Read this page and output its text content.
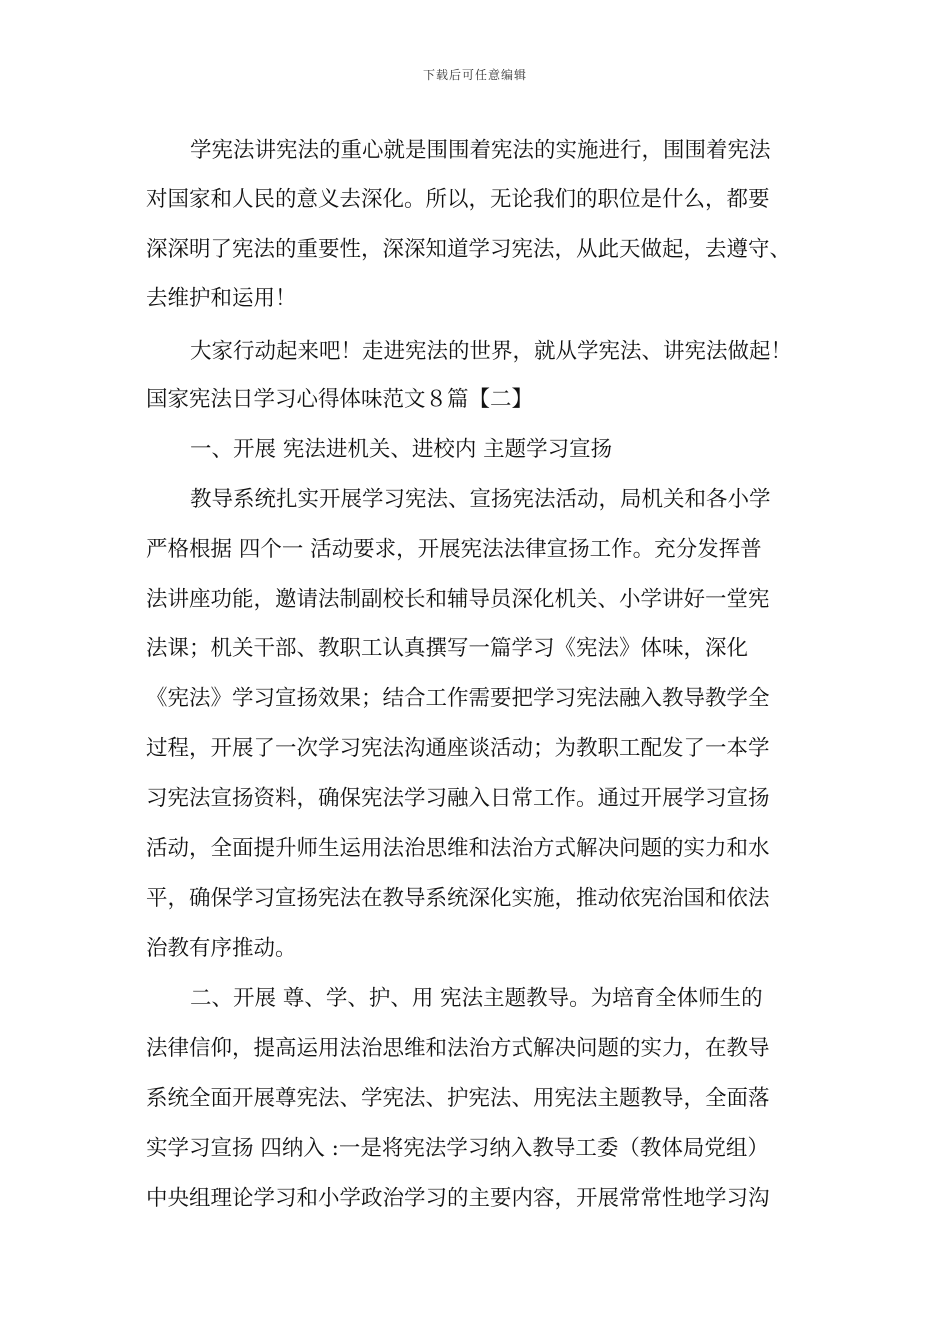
下载后可任意编辑
学宪法讲宪法的重心就是围围着宪法的实施进行，围围着宪法
对国家和人民的意义去深化。所以，无论我们的职位是什么，都要
深深明了宪法的重要性，深深知道学习宪法，从此天做起，去遵守、
去维护和运用！
大家行动起来吧！走进宪法的世界，就从学宪法、讲宪法做起！
国家宪法日学习心得体味范文８篇【二】
一、开展 宪法进机关、进校内 主题学习宣扬
教导系统扎实开展学习宪法、宣扬宪法活动，局机关和各小学
严格根据 四个一 活动要求，开展宪法法律宣扬工作。充分发挥普
法讲座功能，邀请法制副校长和辅导员深化机关、小学讲好一堂宪
法课；机关干部、教职工认真撰写一篇学习《宪法》体味，深化
《宪法》学习宣扬效果；结合工作需要把学习宪法融入教导教学全
过程，开展了一次学习宪法沟通座谈活动；为教职工配发了一本学
习宪法宣扬资料，确保宪法学习融入日常工作。通过开展学习宣扬
活动，全面提升师生运用法治思维和法治方式解决问题的实力和水
平，确保学习宣扬宪法在教导系统深化实施，推动依宪治国和依法
治教有序推动。
二、开展 尊、学、护、用 宪法主题教导。为培育全体师生的
法律信仰，提高运用法治思维和法治方式解决问题的实力，在教导
系统全面开展尊宪法、学宪法、护宪法、用宪法主题教导，全面落
实学习宣扬 四纳入 :一是将宪法学习纳入教导工委（教体局党组）
中央组理论学习和小学政治学习的主要内容，开展常常性地学习沟
